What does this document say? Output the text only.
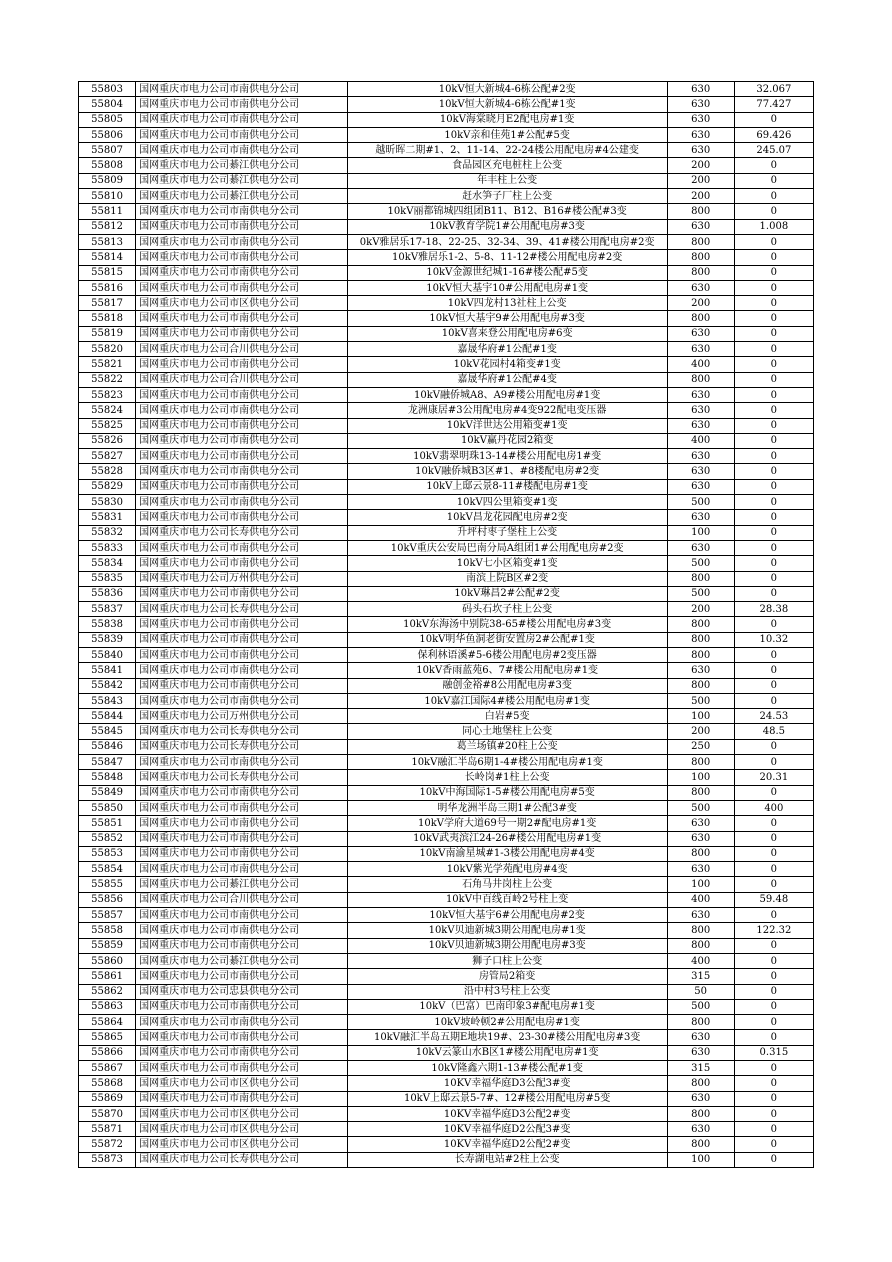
55803	国网重庆市电力公司市南供电分公司	10kV恒大新城4-6栋公配#2变	630	32.067
55804	国网重庆市电力公司市南供电分公司	10kV恒大新城4-6栋公配#1变	630	77.427
55805	国网重庆市电力公司市南供电分公司	10kV海棠晓月E2配电房#1变	630	0
55806	国网重庆市电力公司市南供电分公司	10kV亲和佳苑1#公配#5变	630	69.426
55807	国网重庆市电力公司市南供电分公司	越昕晖二期#1、2、11-14、22-24楼公用配电房#4公建变	630	245.07
55808	国网重庆市电力公司綦江供电分公司	食品园区充电桩柱上公变	200	0
55809	国网重庆市电力公司綦江供电分公司	年丰柱上公变	200	0
55810	国网重庆市电力公司綦江供电分公司	赶水笋子厂柱上公变	200	0
55811	国网重庆市电力公司市南供电分公司	10kV丽都锦城四组团B11、B12、B16#楼公配#3变	800	0
55812	国网重庆市电力公司市南供电分公司	10kV教育学院1#公用配电房#3变	630	1.008
55813	国网重庆市电力公司市南供电分公司	0kV雅居乐17-18、22-25、32-34、39、41#楼公用配电房#2变	800	0
55814	国网重庆市电力公司市南供电分公司	10kV雅居乐1-2、5-8、11-12#楼公用配电房#2变	800	0
55815	国网重庆市电力公司市南供电分公司	10kV金源世纪城1-16#楼公配#5变	800	0
55816	国网重庆市电力公司市南供电分公司	10kV恒大基宇10#公用配电房#1变	630	0
55817	国网重庆市电力公司市区供电分公司	10kV四龙村13社柱上公变	200	0
55818	国网重庆市电力公司市南供电分公司	10kV恒大基宇9#公用配电房#3变	800	0
55819	国网重庆市电力公司市南供电分公司	10kV喜来登公用配电房#6变	630	0
55820	国网重庆市电力公司合川供电分公司	嘉晟华府#1公配#1变	630	0
55821	国网重庆市电力公司市南供电分公司	10kV花园村4箱变#1变	400	0
55822	国网重庆市电力公司合川供电分公司	嘉晟华府#1公配#4变	800	0
55823	国网重庆市电力公司市南供电分公司	10kV融侨城A8、A9#楼公用配电房#1变	630	0
55824	国网重庆市电力公司市南供电分公司	龙洲康居#3公用配电房#4变922配电变压器	630	0
55825	国网重庆市电力公司市南供电分公司	10kV洋世达公用箱变#1变	630	0
55826	国网重庆市电力公司市南供电分公司	10kV赢丹花园2箱变	400	0
55827	国网重庆市电力公司市南供电分公司	10kV翡翠明珠13-14#楼公用配电房1#变	630	0
55828	国网重庆市电力公司市南供电分公司	10kV融侨城B3区#1、#8楼配电房#2变	630	0
55829	国网重庆市电力公司市南供电分公司	10kV上邸云景8-11#楼配电房#1变	630	0
55830	国网重庆市电力公司市南供电分公司	10kV四公里箱变#1变	500	0
55831	国网重庆市电力公司市南供电分公司	10kV昌龙花园配电房#2变	630	0
55832	国网重庆市电力公司长寿供电分公司	升坪村枣子堡柱上公变	100	0
55833	国网重庆市电力公司市南供电分公司	10kV重庆公安局巴南分局A组团1#公用配电房#2变	630	0
55834	国网重庆市电力公司市南供电分公司	10kV七小区箱变#1变	500	0
55835	国网重庆市电力公司万州供电分公司	南滨上院B区#2变	800	0
55836	国网重庆市电力公司市南供电分公司	10kV琳昌2#公配#2变	500	0
55837	国网重庆市电力公司长寿供电分公司	码头石坎子柱上公变	200	28.38
55838	国网重庆市电力公司市南供电分公司	10kV东海汤中别院38-65#楼公用配电房#3变	800	0
55839	国网重庆市电力公司市南供电分公司	10kV明华鱼洞老街安置房2#公配#1变	800	10.32
55840	国网重庆市电力公司市南供电分公司	保利林语溪#5-6楼公用配电房#2变压器	800	0
55841	国网重庆市电力公司市南供电分公司	10kV香雨蓝苑6、7#楼公用配电房#1变	630	0
55842	国网重庆市电力公司市南供电分公司	融创金裕#8公用配电房#3变	800	0
55843	国网重庆市电力公司市南供电分公司	10kV嘉江国际4#楼公用配电房#1变	500	0
55844	国网重庆市电力公司万州供电分公司	白岩#5变	100	24.53
55845	国网重庆市电力公司长寿供电分公司	同心土地堡柱上公变	200	48.5
55846	国网重庆市电力公司长寿供电分公司	葛兰场镇#20柱上公变	250	0
55847	国网重庆市电力公司市南供电分公司	10kV融汇半岛6期1-4#楼公用配电房#1变	800	0
55848	国网重庆市电力公司长寿供电分公司	长岭岗#1柱上公变	100	20.31
55849	国网重庆市电力公司市南供电分公司	10kV中海国际1-5#楼公用配电房#5变	800	0
55850	国网重庆市电力公司市南供电分公司	明华龙洲半岛三期1#公配3#变	500	400
55851	国网重庆市电力公司市南供电分公司	10kV学府大道69号一期2#配电房#1变	630	0
55852	国网重庆市电力公司市南供电分公司	10kV武夷滨江24-26#楼公用配电房#1变	630	0
55853	国网重庆市电力公司市南供电分公司	10kV南渝星城#1-3楼公用配电房#4变	800	0
55854	国网重庆市电力公司市南供电分公司	10kV紫光学苑配电房#4变	630	0
55855	国网重庆市电力公司綦江供电分公司	石角马井岗柱上公变	100	0
55856	国网重庆市电力公司合川供电分公司	10kV中百线百岭2号柱上变	400	59.48
55857	国网重庆市电力公司市南供电分公司	10kV恒大基宇6#公用配电房#2变	630	0
55858	国网重庆市电力公司市南供电分公司	10kV贝迪新城3期公用配电房#1变	800	122.32
55859	国网重庆市电力公司市南供电分公司	10kV贝迪新城3期公用配电房#3变	800	0
55860	国网重庆市电力公司綦江供电分公司	狮子口柱上公变	400	0
55861	国网重庆市电力公司市南供电分公司	房管局2箱变	315	0
55862	国网重庆市电力公司忠县供电分公司	沿中村3号柱上公变	50	0
55863	国网重庆市电力公司市南供电分公司	10kV（巴富）巴南印象3#配电房#1变	500	0
55864	国网重庆市电力公司市南供电分公司	10kV坡岭顿2#公用配电房#1变	800	0
55865	国网重庆市电力公司市南供电分公司	10kV融汇半岛五期E地块19#、23-30#楼公用配电房#3变	630	0
55866	国网重庆市电力公司市南供电分公司	10kV云篆山水B区1#楼公用配电房#1变	630	0.315
55867	国网重庆市电力公司市南供电分公司	10kV隆鑫六期1-13#楼公配#1变	315	0
55868	国网重庆市电力公司市区供电分公司	10KV幸福华庭D3公配3#变	800	0
55869	国网重庆市电力公司市南供电分公司	10kV上邸云景5-7#、12#楼公用配电房#5变	630	0
55870	国网重庆市电力公司市区供电分公司	10KV幸福华庭D3公配2#变	800	0
55871	国网重庆市电力公司市区供电分公司	10KV幸福华庭D2公配3#变	630	0
55872	国网重庆市电力公司市区供电分公司	10KV幸福华庭D2公配2#变	800	0
55873	国网重庆市电力公司长寿供电分公司	长寿湖电站#2柱上公变	100	0
